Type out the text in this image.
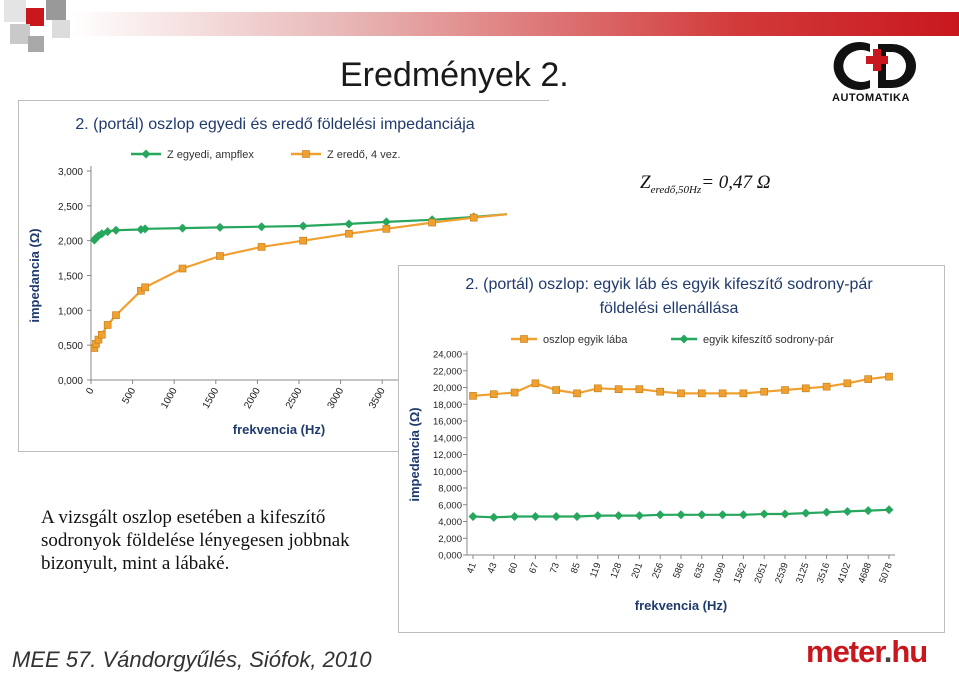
Eredmények 2.
AUTOMATIKA
$Z_{eredő,50Hz}= 0,47$ Ω
2. (portál) oszlop egyedi és eredő földelési impedanciája
Z egyedi, ampflex	Z eredő, 4 vez.
0,000
0,500
1,000
1,500
2,000
2,500
3,000
0 500 1000 1500 2000 2500 3000 3500
impedancia (Ω)
frekvencia (Hz)
2. (portál) oszlop: egyik láb és egyik kifeszítő sodrony-pár
földelési ellenállása
oszlop egyik lába	egyik kifeszítő sodrony-pár
0,000
2,000
4,000
6,000
8,000
10,000
12,000
14,000
16,000
18,000
20,000
22,000
24,000
41 43 60 67 73 85 119 128 201 256 586 635 1099 1562 2051 2539 3125 3516 4102 4688 5078
impedancia (Ω)
frekvencia (Hz)
A vizsgált oszlop esetében a kifeszítő sodronyok földelése lényegesen jobbnak bizonyult, mint a lábaké.
MEE 57. Vándorgyűlés, Siófok, 2010	meter.hu
